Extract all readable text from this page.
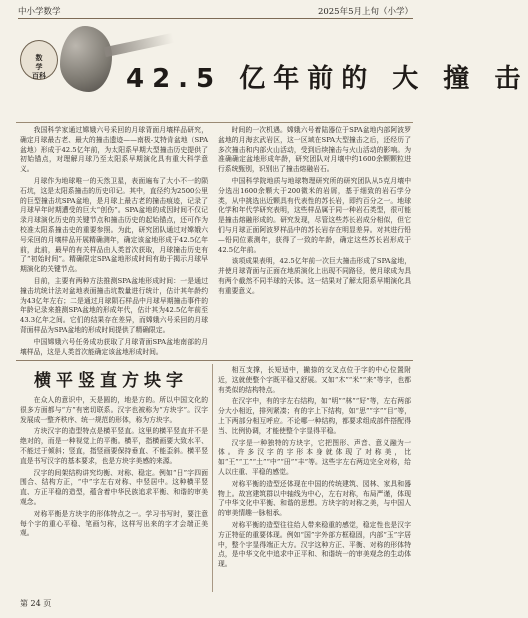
中小学数学	2025年5月上旬（小学）
数
学
百科	42.5 亿年前的 大 撞 击

我国科学家通过嫦娥六号采回的月球背面月壤样品研究，确定月球最古老、最大的撞击遗迹——南极-艾特肯盆地（SPA盆地）形成于42.5亿年前，为太阳系早期大型撞击历史提供了初始锚点，对理解月球乃至太阳系早期演化具有重大科学意义。

月球作为地球唯一的天然卫星，表面遍布了大小不一的陨石坑，这是太阳系撞击的历史印记。其中，直径约为2500公里的巨型撞击坑SPA盆地，是月球上最古老的撞击痕迹，记录了月球早年时期遭受的巨大“创伤”。SPA盆地的成因时间不仅记录月球演化历史的关键节点和撞击历史的起始锚点，还可作为校准太阳系撞击史的重要参照。为此，研究团队通过对嫦娥六号采回的月壤样品开展精确测年，确定该盆地形成于42.5亿年前，此前，最早的有关样品由人类首次获取，月球撞击历史有了“初始时间”。精确限定SPA盆地形成时间有助于揭示月球早期演化的关键节点。

目前，主要有两种方法推测SPA盆地形成时间：一是通过撞击坑统计法对盆地表面撞击坑数量进行统计，估计其年龄约为43亿年左右；二是通过月球陨石样品中月球早期撞击事件的年龄记录来推测SPA盆地的形成年代，估计其为42.5亿年前至43.3亿年之间。它们的结果存在差异，而嫦娥六号采回的月球背面样品为SPA盆地的形成时间提供了精确限定。

中国嫦娥六号任务成功获取了月球背面SPA盆地南部的月壤样品，这是人类首次能确定该盆地形成时间。

时间的一次机遇。嫦娥六号着陆器位于SPA盆地内部阿波罗盆地的月海玄武岩区，这一区域在SPA大型撞击之后，还经历了多次撞击和内部火山活动，受到后续撞击与火山活动的影响。为准确确定盆地形成年龄，研究团队对月壤中约1600余颗颗粒进行系统甄别，识别出了撞击熔融岩石。

中国科学院地质与地球物理研究所的研究团队从5克月壤中分选出1600余颗大于200微米的岩屑，基于细致的岩石学分类，从中挑选出近颗具有代表性的苏长岩，即约百分之一。地球化学和年代学研究表明，这些样品属于同一种岩石类型，很可能是撞击熔融形成的。研究发现，尽管这些苏长岩成分相似，但它们与月球正面阿波罗样品中的苏长岩存在明显差异。对其进行铅—铅同位素测年，获得了一致的年龄，确定这些苏长岩形成于42.5亿年前。

该项成果表明，42.5亿年前一次巨大撞击形成了SPA盆地，并使月球背面与正面在地质演化上出现不同路径，使月球成为具有两个截然不同半球的天体。这一结果对了解太阳系早期演化具有重要意义。

横平竖直方块字

在众人的意识中，天是圆的，地是方的。所以中国文化的很多方面都与“方”有密切联系。汉字也被称为“方块字”。汉字发展成一整齐秩序、统一规范的形体，称为方块字。

方块汉字的造型特点是横平竖直。这里的横平竖直并不是绝对的，而是一种视觉上的平衡。横平，指横画要大致水平、不能过于倾斜；竖直，指竖画要保持垂直、不能歪斜。横平竖直是书写汉字的基本要求，也是方块字美感的来源。

汉字的间架结构讲究均衡、对称、稳定。例如“日”字四面围合、结构方正，“中”字左右对称、中竖居中。这种横平竖直、方正平稳的造型，蕴含着中华民族追求平衡、和谐的审美观念。

对称平衡是方块字的形体特点之一。学习书写时，要注意每个字的重心平稳、笔画匀称，这样写出来的字才会端正美观。

相互支撑，长短适中，撇捺的交叉点位于字的中心位置附近，这就使整个字既平稳又舒展。又如“木”“米”“来”等字，也都有类似的结构特点。

在汉字中，有的字左右结构，如“明”“林”“好”等，左右两部分大小相近，排列紧凑；有的字上下结构，如“思”“字”“目”等，上下两部分相互呼应。不论哪一种结构，都要求组成部件搭配得当、比例协调，才能使整个字显得平稳。

汉字是一种独特的方块字，它把图形、声音、意义融为一体。许多汉字的字形本身就体现了对称美，比如“王”“工”“土”“中”“田”“丰”等。这些字左右两边完全对称，给人以庄重、平稳的感觉。

对称平衡的造型还体现在中国的传统建筑、园林、家具和器物上。故宫建筑群以中轴线为中心，左右对称，布局严谨，体现了中华文化中平衡、和谐的思想。方块字的对称之美，与中国人的审美情趣一脉相承。

对称平衡的造型往往给人带来稳重的感觉，稳定性也是汉字方正特征的重要体现。例如“国”字外部方框稳固，内部“玉”字居中，整个字显得端正大方。汉字这种方正、平衡、对称的形体特点，是中华文化中追求中正平和、和谐统一的审美观念的生动体现。

第 24 页
